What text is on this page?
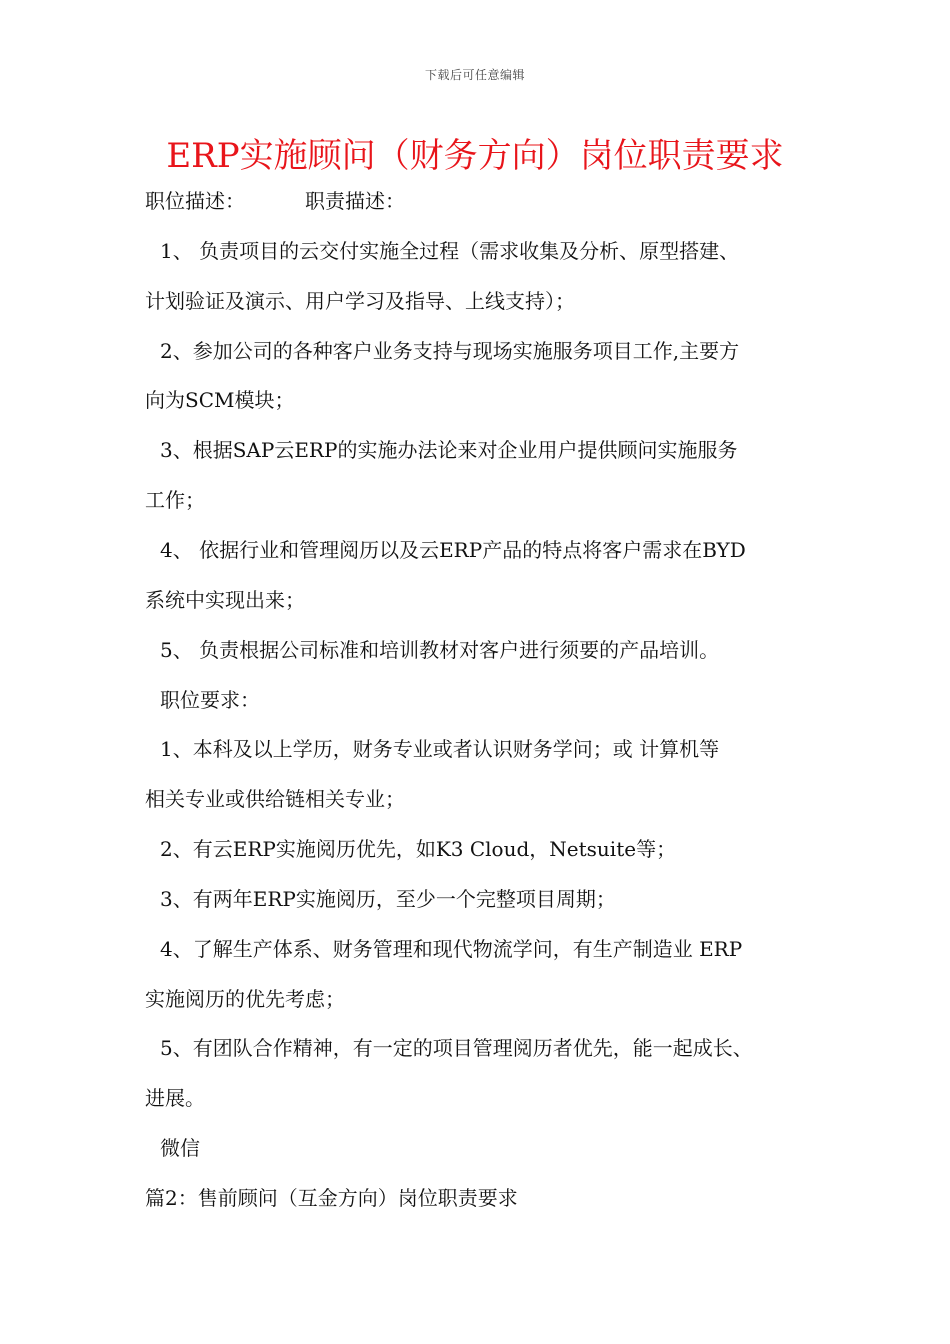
下载后可任意编辑
ERP实施顾问（财务方向）岗位职责要求
职位描述：	职责描述：
1、 负责项目的云交付实施全过程（需求收集及分析、原型搭建、
计划验证及演示、用户学习及指导、上线支持）；
2、参加公司的各种客户业务支持与现场实施服务项目工作,主要方
向为SCM模块；
3、根据SAP云ERP的实施办法论来对企业用户提供顾问实施服务
工作；
4、 依据行业和管理阅历以及云ERP产品的特点将客户需求在BYD
系统中实现出来；
5、 负责根据公司标准和培训教材对客户进行须要的产品培训。
职位要求：
1、本科及以上学历，财务专业或者认识财务学问；或 计算机等
相关专业或供给链相关专业；
2、有云ERP实施阅历优先，如K3 Cloud，Netsuite等；
3、有两年ERP实施阅历，至少一个完整项目周期；
4、了解生产体系、财务管理和现代物流学问，有生产制造业 ERP
实施阅历的优先考虑；
5、有团队合作精神，有一定的项目管理阅历者优先，能一起成长、
进展。
微信
篇2：售前顾问（互金方向）岗位职责要求
